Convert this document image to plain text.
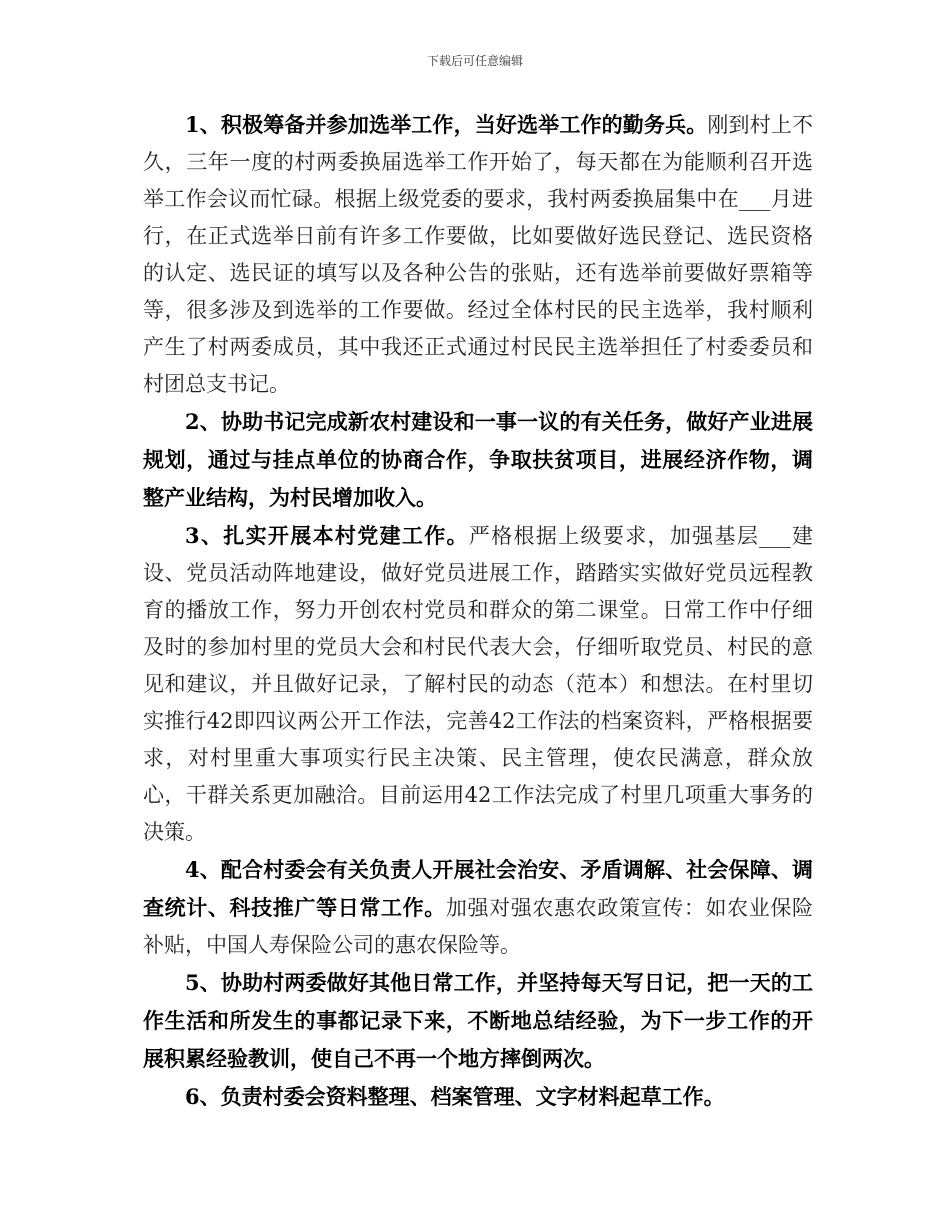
下载后可任意编辑

1、积极筹备并参加选举工作，当好选举工作的勤务兵。刚到村上不久，三年一度的村两委换届选举工作开始了，每天都在为能顺利召开选举工作会议而忙碌。根据上级党委的要求，我村两委换届集中在___月进行，在正式选举日前有许多工作要做，比如要做好选民登记、选民资格的认定、选民证的填写以及各种公告的张贴，还有选举前要做好票箱等等，很多涉及到选举的工作要做。经过全体村民的民主选举，我村顺利产生了村两委成员，其中我还正式通过村民民主选举担任了村委委员和村团总支书记。

2、协助书记完成新农村建设和一事一议的有关任务，做好产业进展规划，通过与挂点单位的协商合作，争取扶贫项目，进展经济作物，调整产业结构，为村民增加收入。

3、扎实开展本村党建工作。严格根据上级要求，加强基层___建设、党员活动阵地建设，做好党员进展工作，踏踏实实做好党员远程教育的播放工作，努力开创农村党员和群众的第二课堂。日常工作中仔细及时的参加村里的党员大会和村民代表大会，仔细听取党员、村民的意见和建议，并且做好记录，了解村民的动态（范本）和想法。在村里切实推行42即四议两公开工作法，完善42工作法的档案资料，严格根据要求，对村里重大事项实行民主决策、民主管理，使农民满意，群众放心，干群关系更加融洽。目前运用42工作法完成了村里几项重大事务的决策。

4、配合村委会有关负责人开展社会治安、矛盾调解、社会保障、调查统计、科技推广等日常工作。加强对强农惠农政策宣传：如农业保险补贴，中国人寿保险公司的惠农保险等。

5、协助村两委做好其他日常工作，并坚持每天写日记，把一天的工作生活和所发生的事都记录下来，不断地总结经验，为下一步工作的开展积累经验教训，使自己不再一个地方摔倒两次。

6、负责村委会资料整理、档案管理、文字材料起草工作。
